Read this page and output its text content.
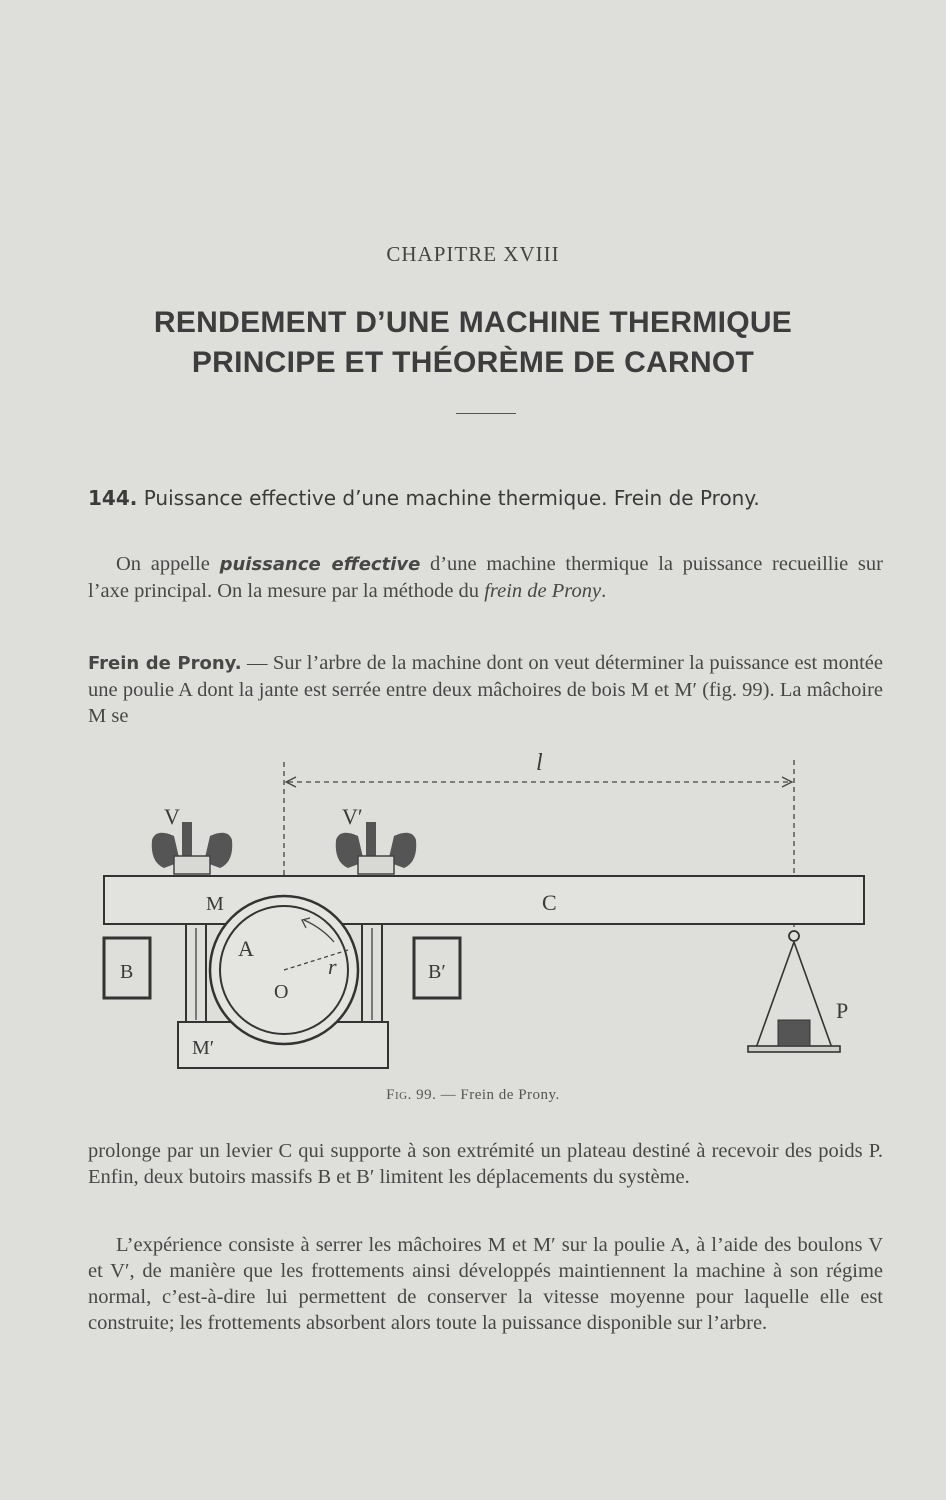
CHAPITRE XVIII
RENDEMENT D’UNE MACHINE THERMIQUE
PRINCIPE ET THÉORÈME DE CARNOT
144. Puissance effective d’une machine thermique. Frein de Prony.
On appelle puissance effective d’une machine thermique la puissance recueillie sur l’axe principal. On la mesure par la méthode du frein de Prony.
Frein de Prony. — Sur l’arbre de la machine dont on veut déterminer la puissance est montée une poulie A dont la jante est serrée entre deux mâchoires de bois M et M′ (fig. 99). La mâchoire M se
l
V	V′
M	C
M′
A
O
r
B	B′
P
Fig. 99. — Frein de Prony.
prolonge par un levier C qui supporte à son extrémité un plateau destiné à recevoir des poids P. Enfin, deux butoirs massifs B et B′ limitent les déplacements du système.
L’expérience consiste à serrer les mâchoires M et M′ sur la poulie A, à l’aide des boulons V et V′, de manière que les frottements ainsi développés maintiennent la machine à son régime normal, c’est-à-dire lui permettent de conserver la vitesse moyenne pour laquelle elle est construite; les frottements absorbent alors toute la puissance disponible sur l’arbre.
